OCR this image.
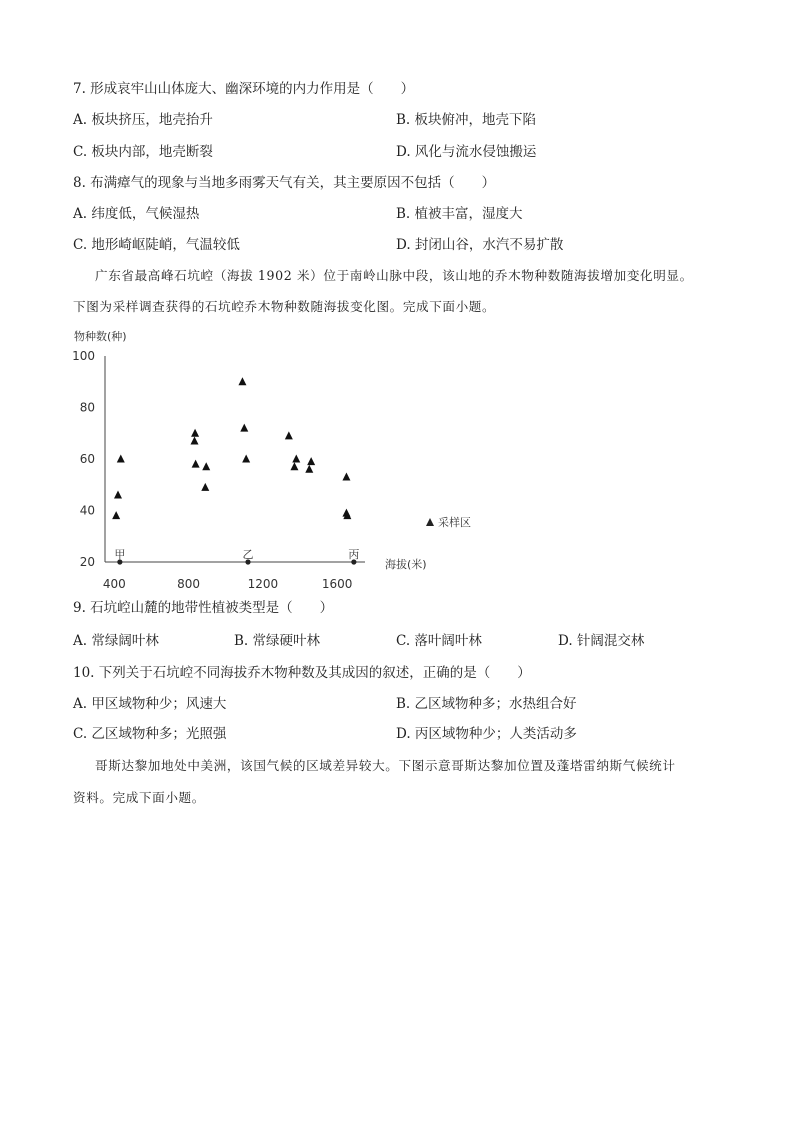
7. 形成哀牢山山体庞大、幽深环境的内力作用是（　　）
A. 板块挤压，地壳抬升	B. 板块俯冲，地壳下陷
C. 板块内部，地壳断裂	D. 风化与流水侵蚀搬运
8. 布满瘴气的现象与当地多雨雾天气有关，其主要原因不包括（　　）
A. 纬度低，气候湿热	B. 植被丰富，湿度大
C. 地形崎岖陡峭，气温较低	D. 封闭山谷，水汽不易扩散
广东省最高峰石坑崆（海拔 1902 米）位于南岭山脉中段，该山地的乔木物种数随海拔增加变化明显。
下图为采样调查获得的石坑崆乔木物种数随海拔变化图。完成下面小题。
物种数(种)
20
40
60
80
100
400	800	1200	1600
甲	乙	丙
海拔(米)
采样区
9. 石坑崆山麓的地带性植被类型是（　　）
A. 常绿阔叶林	B. 常绿硬叶林	C. 落叶阔叶林	D. 针阔混交林
10. 下列关于石坑崆不同海拔乔木物种数及其成因的叙述，正确的是（　　）
A. 甲区域物种少；风速大	B. 乙区域物种多；水热组合好
C. 乙区域物种多；光照强	D. 丙区域物种少；人类活动多
哥斯达黎加地处中美洲，该国气候的区域差异较大。下图示意哥斯达黎加位置及蓬塔雷纳斯气候统计
资料。完成下面小题。
